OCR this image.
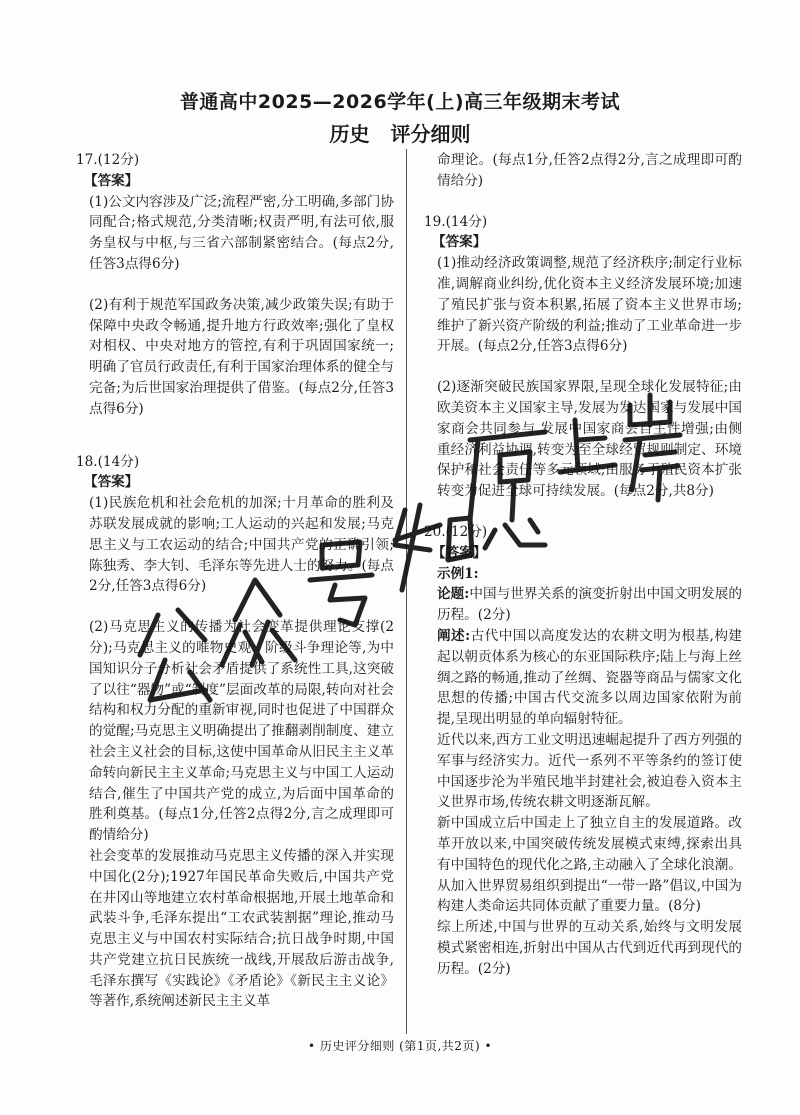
普通高中2025—2026学年(上)高三年级期末考试
历史 评分细则
17.(12分)
【答案】
(1)公文内容涉及广泛;流程严密,分工明确,多部门协同配合;格式规范,分类清晰;权责严明,有法可依,服务皇权与中枢,与三省六部制紧密结合。(每点2分,任答3点得6分)
(2)有利于规范军国政务决策,减少政策失误;有助于保障中央政令畅通,提升地方行政效率;强化了皇权对相权、中央对地方的管控,有利于巩固国家统一;明确了官员行政责任,有利于国家治理体系的健全与完备;为后世国家治理提供了借鉴。(每点2分,任答3点得6分)
18.(14分)
【答案】
(1)民族危机和社会危机的加深;十月革命的胜利及苏联发展成就的影响;工人运动的兴起和发展;马克思主义与工农运动的结合;中国共产党的正确引领;陈独秀、李大钊、毛泽东等先进人士的努力。(每点2分,任答3点得6分)
(2)马克思主义的传播为社会变革提供理论支撑(2分);马克思主义的唯物史观、阶级斗争理论等,为中国知识分子分析社会矛盾提供了系统性工具,这突破了以往“器物”或“制度”层面改革的局限,转向对社会结构和权力分配的重新审视,同时也促进了中国群众的觉醒;马克思主义明确提出了推翻剥削制度、建立社会主义社会的目标,这使中国革命从旧民主主义革命转向新民主主义革命;马克思主义与中国工人运动结合,催生了中国共产党的成立,为后面中国革命的胜利奠基。(每点1分,任答2点得2分,言之成理即可酌情给分)
社会变革的发展推动马克思主义传播的深入并实现中国化(2分);1927年国民革命失败后,中国共产党在井冈山等地建立农村革命根据地,开展土地革命和武装斗争,毛泽东提出“工农武装割据”理论,推动马克思主义与中国农村实际结合;抗日战争时期,中国共产党建立抗日民族统一战线,开展敌后游击战争,毛泽东撰写《实践论》《矛盾论》《新民主主义论》等著作,系统阐述新民主主义革
命理论。(每点1分,任答2点得2分,言之成理即可酌情给分)
19.(14分)
【答案】
(1)推动经济政策调整,规范了经济秩序;制定行业标准,调解商业纠纷,优化资本主义经济发展环境;加速了殖民扩张与资本积累,拓展了资本主义世界市场;维护了新兴资产阶级的利益;推动了工业革命进一步开展。(每点2分,任答3点得6分)
(2)逐渐突破民族国家界限,呈现全球化发展特征;由欧美资本主义国家主导,发展为发达国家与发展中国家商会共同参与,发展中国家商会自主性增强;由侧重经济利益协调,转变为至全球经贸规则制定、环境保护和社会责任等多元领域;由服务于殖民资本扩张转变为促进全球可持续发展。(每点2分,共8分)
20.(12分)
【答案】
示例1:
论题:中国与世界关系的演变折射出中国文明发展的历程。(2分)
阐述:古代中国以高度发达的农耕文明为根基,构建起以朝贡体系为核心的东亚国际秩序;陆上与海上丝绸之路的畅通,推动了丝绸、瓷器等商品与儒家文化思想的传播;中国古代交流多以周边国家依附为前提,呈现出明显的单向辐射特征。
近代以来,西方工业文明迅速崛起提升了西方列强的军事与经济实力。近代一系列不平等条约的签订使中国逐步沦为半殖民地半封建社会,被迫卷入资本主义世界市场,传统农耕文明逐渐瓦解。
新中国成立后中国走上了独立自主的发展道路。改革开放以来,中国突破传统发展模式束缚,探索出具有中国特色的现代化之路,主动融入了全球化浪潮。从加入世界贸易组织到提出“一带一路”倡议,中国为构建人类命运共同体贡献了重要力量。(8分)
综上所述,中国与世界的互动关系,始终与文明发展模式紧密相连,折射出中国从古代到近代再到现代的历程。(2分)
• 历史评分细则 (第1页,共2页) •
